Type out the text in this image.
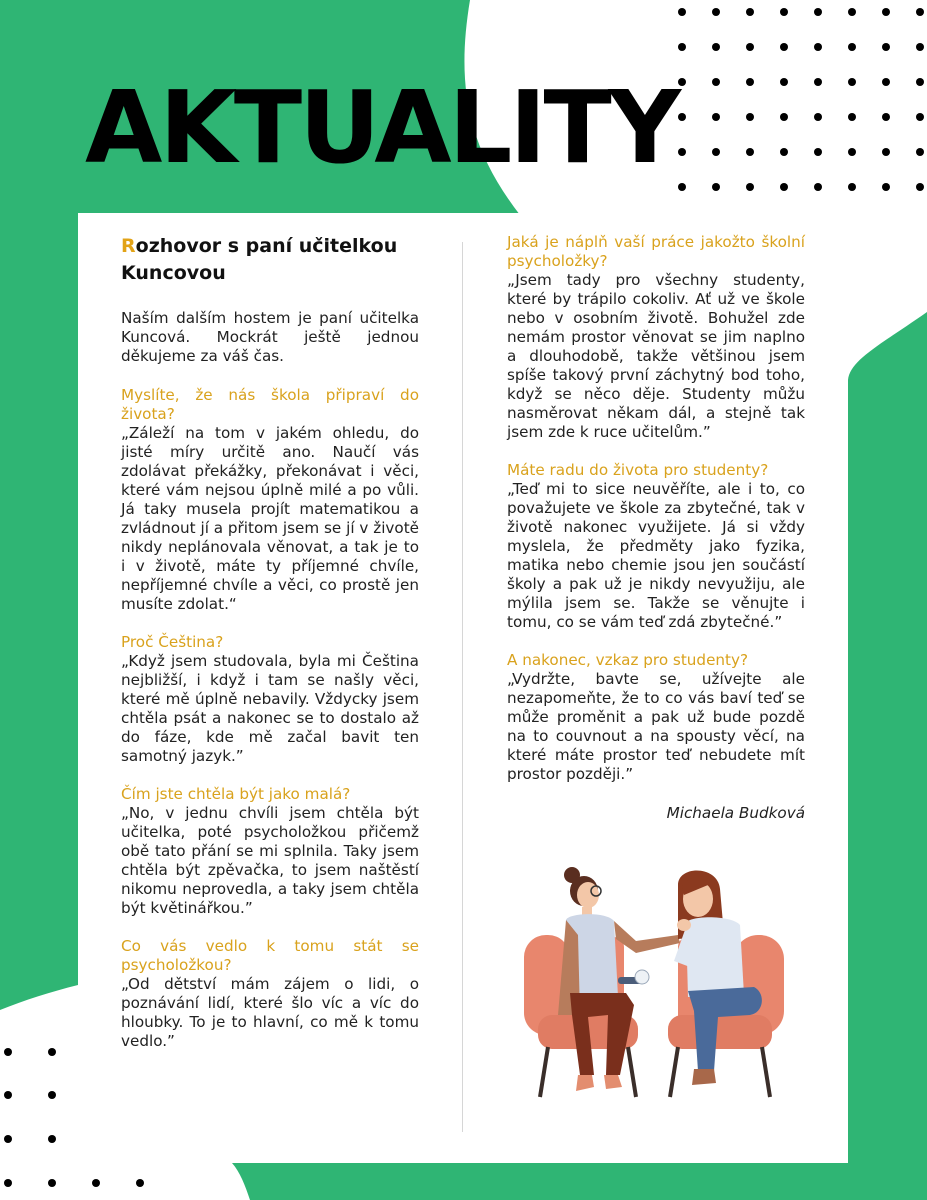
AKTUALITY
Rozhovor s paní učitelkou Kuncovou

Naším dalším hostem je paní učitelka Kuncová. Mockrát ještě jednou děkujeme za váš čas.

Myslíte, že nás škola připraví do života?

„Záleží na tom v jakém ohledu, do jisté míry určitě ano. Naučí vás zdolávat překážky, překonávat i věci, které vám nejsou úplně milé a po vůli. Já taky musela projít matematikou a zvládnout jí a přitom jsem se jí v životě nikdy neplánovala věnovat, a tak je to i v životě, máte ty příjemné chvíle, nepříjemné chvíle a věci, co prostě jen musíte zdolat.“

Proč Čeština?

„Když jsem studovala, byla mi Čeština nejbližší, i když i tam se našly věci, které mě úplně nebavily. Vždycky jsem chtěla psát a nakonec se to dostalo až do fáze, kde mě začal bavit ten samotný jazyk.”

Čím jste chtěla být jako malá?

„No, v jednu chvíli jsem chtěla být učitelka, poté psycholožkou přičemž obě tato přání se mi splnila. Taky jsem chtěla být zpěvačka, to jsem naštěstí nikomu neprovedla, a taky jsem chtěla být květinářkou.”

Co vás vedlo k tomu stát se psycholožkou?

„Od dětství mám zájem o lidi, o poznávání lidí, které šlo víc a víc do hloubky. To je to hlavní, co mě k tomu vedlo.”

Jaká je náplň vaší práce jakožto školní psycholožky?

„Jsem tady pro všechny studenty, které by trápilo cokoliv. Ať už ve škole nebo v osobním životě. Bohužel zde nemám prostor věnovat se jim naplno a dlouhodobě, takže většinou jsem spíše takový první záchytný bod toho, když se něco děje. Studenty můžu nasměrovat někam dál, a stejně tak jsem zde k ruce učitelům.”

Máte radu do života pro studenty?

„Teď mi to sice neuvěříte, ale i to, co považujete ve škole za zbytečné, tak v životě nakonec využijete. Já si vždy myslela, že předměty jako fyzika, matika nebo chemie jsou jen součástí školy a pak už je nikdy nevyužiju, ale mýlila jsem se. Takže se věnujte i tomu, co se vám teď zdá zbytečné.”

A nakonec, vzkaz pro studenty?

„Vydržte, bavte se, užívejte ale nezapomeňte, že to co vás baví teď se může proměnit a pak už bude pozdě na to couvnout a na spousty věcí, na které máte prostor teď nebudete mít prostor později.”

Michaela Budková
